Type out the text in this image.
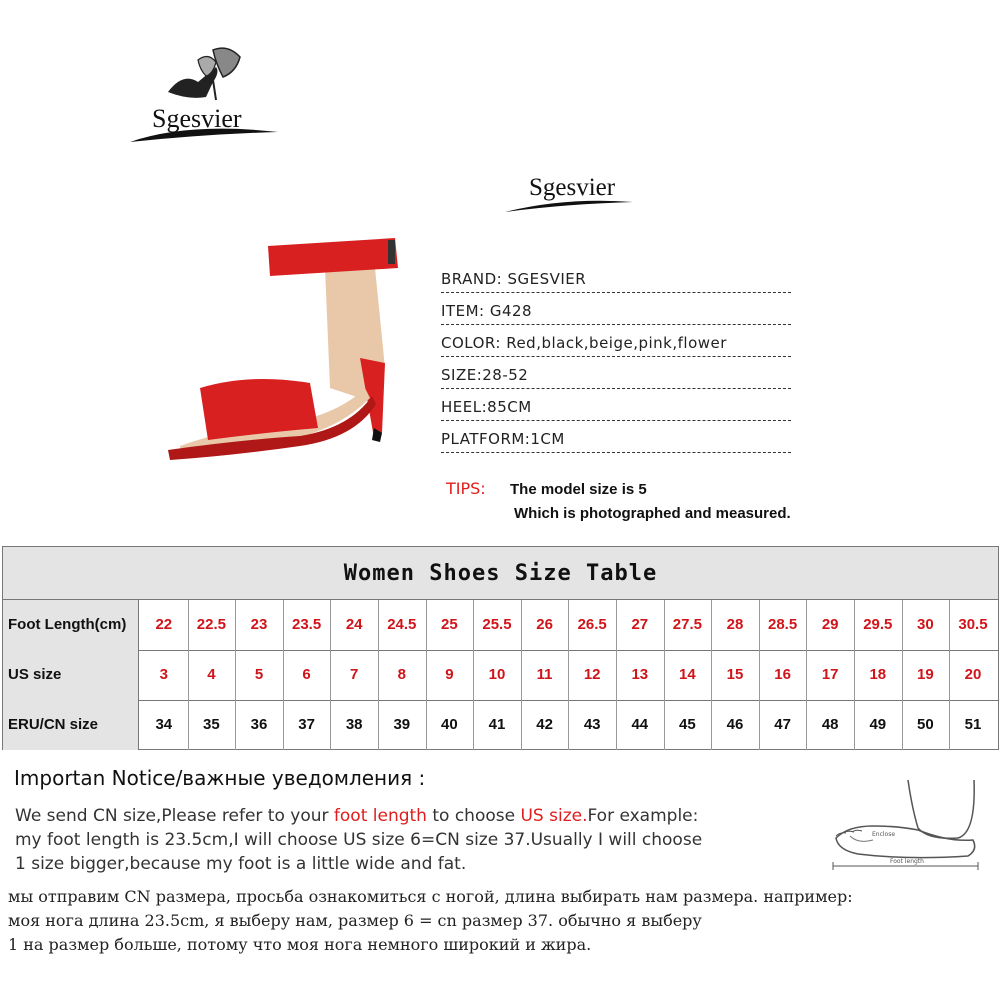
Sgesvier
Sgesvier
BRAND: SGESVIER
ITEM: G428
COLOR: Red,black,beige,pink,flower
SIZE:28-52
HEEL:85CM
PLATFORM:1CM
TIPS: The model size is 5
Which is photographed and measured.
Women Shoes Size Table
Foot Length(cm)	22	22.5	23	23.5	24	24.5	25	25.5	26	26.5	27	27.5	28	28.5	29	29.5	30	30.5
US size	3	4	5	6	7	8	9	10	11	12	13	14	15	16	17	18	19	20
ERU/CN size	34	35	36	37	38	39	40	41	42	43	44	45	46	47	48	49	50	51
Importan Notice/важные уведомления :
We send CN size,Please refer to your foot length to choose US size.For example:
my foot length is 23.5cm,I will choose US size 6=CN size 37.Usually I will choose
1 size bigger,because my foot is a little wide and fat.
мы отправим CN размера, просьба ознакомиться с ногой, длина выбирать нам размера. например:
моя нога длина 23.5cm, я выберу нам, размер 6 = cn размер 37. обычно я выберу
1 на размер больше, потому что моя нога немного широкий и жира.
Enclose
Foot length
